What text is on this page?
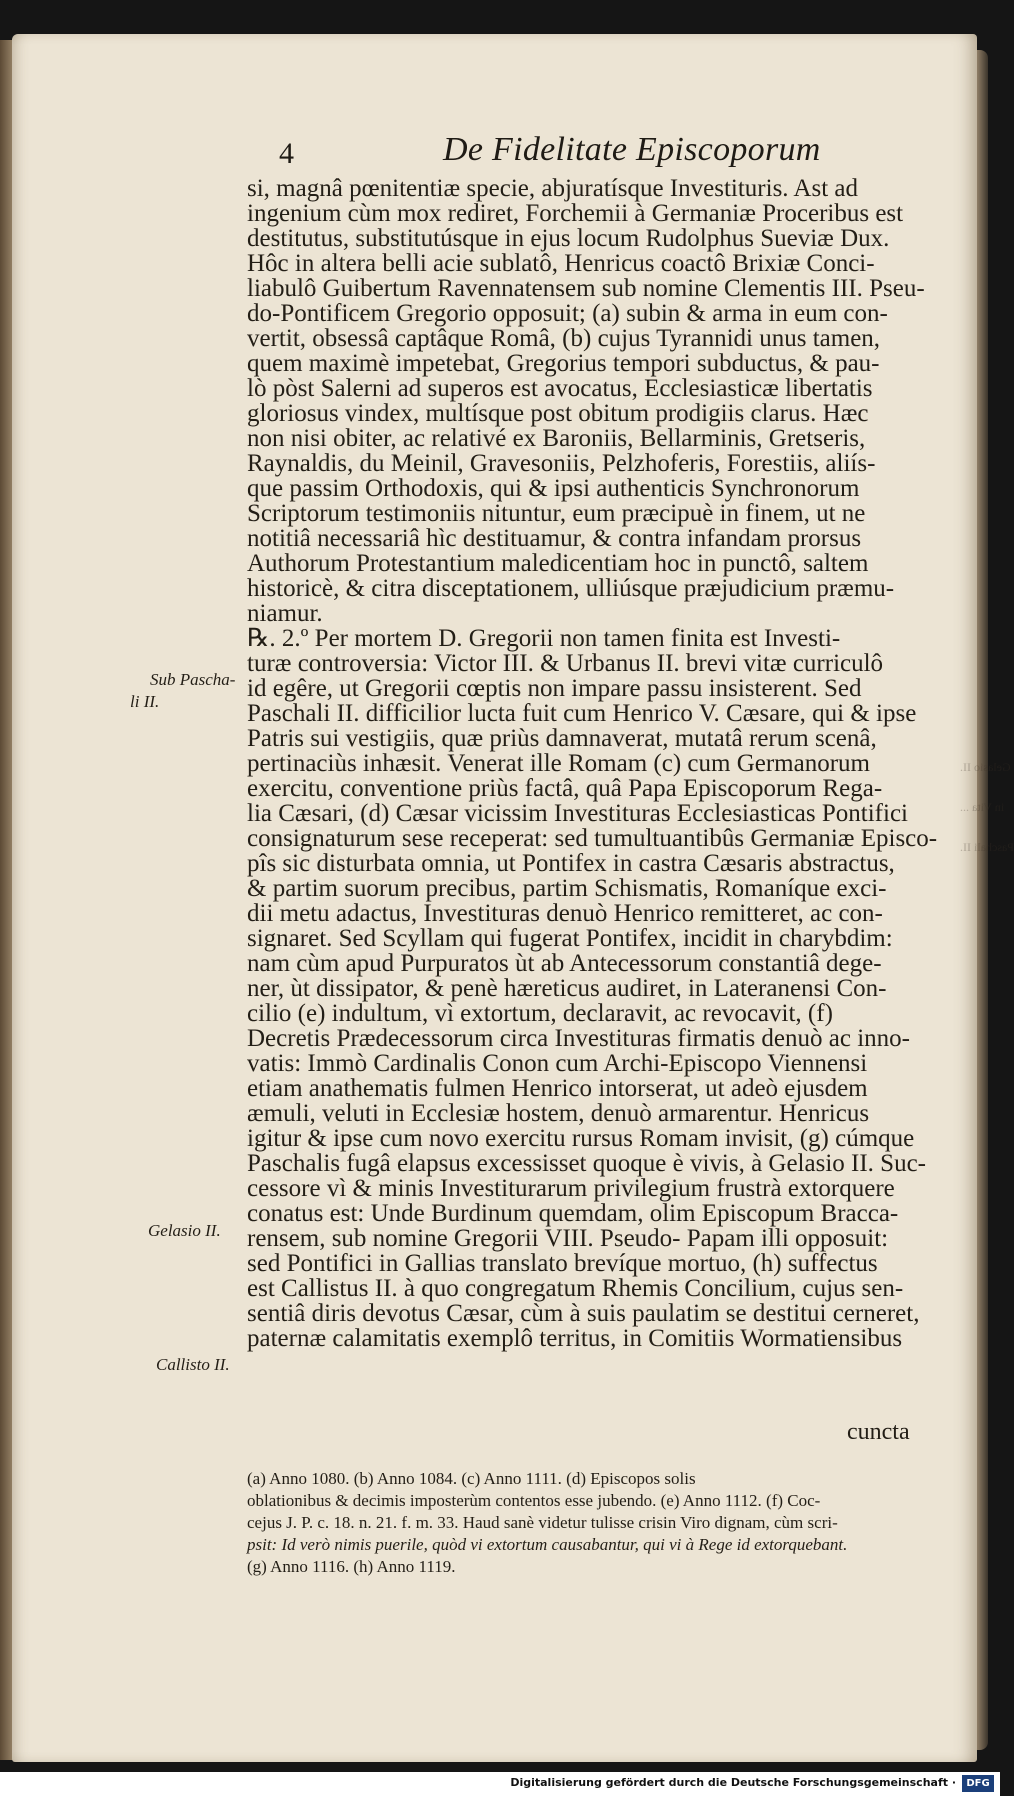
4	De Fidelitate Episcoporum
si, magnâ pœnitentiæ specie, abjuratísque Investituris. Ast ad
ingenium cùm mox rediret, Forchemii à Germaniæ Proceribus est
destitutus, substitutúsque in ejus locum Rudolphus Sueviæ Dux.
Hôc in altera belli acie sublatô, Henricus coactô Brixiæ Conci-
liabulô Guibertum Ravennatensem sub nomine Clementis III. Pseu-
do-Pontificem Gregorio opposuit; (a) subin & arma in eum con-
vertit, obsessâ captâque Româ, (b) cujus Tyrannidi unus tamen,
quem maximè impetebat, Gregorius tempori subductus, & pau-
lò pòst Salerni ad superos est avocatus, Ecclesiasticæ libertatis
gloriosus vindex, multísque post obitum prodigiis clarus. Hæc
non nisi obiter, ac relativé ex Baroniis, Bellarminis, Gretseris,
Raynaldis, du Meinil, Gravesoniis, Pelzhoferis, Forestiis, aliís-
que passim Orthodoxis, qui & ipsi authenticis Synchronorum
Scriptorum testimoniis nituntur, eum præcipuè in finem, ut ne
notitiâ necessariâ hìc destituamur, & contra infandam prorsus
Authorum Protestantium maledicentiam hoc in punctô, saltem
historicè, & citra disceptationem, ulliúsque præjudicium præmu-
niamur.
℞. 2.º Per mortem D. Gregorii non tamen finita est Investi-
turæ controversia: Victor III. & Urbanus II. brevi vitæ curriculô
id egêre, ut Gregorii cœptis non impare passu insisterent. Sed
Paschali II. difficilior lucta fuit cum Henrico V. Cæsare, qui & ipse
Patris sui vestigiis, quæ priùs damnaverat, mutatâ rerum scenâ,
pertinaciùs inhæsit. Venerat ille Romam (c) cum Germanorum
exercitu, conventione priùs factâ, quâ Papa Episcoporum Rega-
lia Cæsari, (d) Cæsar vicissim Investituras Ecclesiasticas Pontifici
consignaturum sese receperat: sed tumultuantibûs Germaniæ Episco-
pîs sic disturbata omnia, ut Pontifex in castra Cæsaris abstractus,
& partim suorum precibus, partim Schismatis, Romaníque exci-
dii metu adactus, Investituras denuò Henrico remitteret, ac con-
signaret. Sed Scyllam qui fugerat Pontifex, incidit in charybdim:
nam cùm apud Purpuratos ùt ab Antecessorum constantiâ dege-
ner, ùt dissipator, & penè hæreticus audiret, in Lateranensi Con-
cilio (e) indultum, vì extortum, declaravit, ac revocavit, (f)
Decretis Prædecessorum circa Investituras firmatis denuò ac inno-
vatis: Immò Cardinalis Conon cum Archi-Episcopo Viennensi
etiam anathematis fulmen Henrico intorserat, ut adeò ejusdem
æmuli, veluti in Ecclesiæ hostem, denuò armarentur. Henricus
igitur & ipse cum novo exercitu rursus Romam invisit, (g) cúmque
Paschalis fugâ elapsus excessisset quoque è vivis, à Gelasio II. Suc-
cessore vì & minis Investiturarum privilegium frustrà extorquere
conatus est: Unde Burdinum quemdam, olim Episcopum Bracca-
rensem, sub nomine Gregorii VIII. Pseudo- Papam illi opposuit:
sed Pontifici in Gallias translato brevíque mortuo, (h) suffectus
est Callistus II. à quo congregatum Rhemis Concilium, cujus sen-
sentiâ diris devotus Cæsar, cùm à suis paulatim se destitui cerneret,
paternæ calamitatis exemplô territus, in Comitiis Wormatiensibus
Sub Pascha-
li II.
Gelasio II.
Callisto II.
cuncta
(a) Anno 1080. (b) Anno 1084. (c) Anno 1111. (d) Episcopos solis
oblationibus & decimis imposterùm contentos esse jubendo. (e) Anno 1112. (f) Coc-
cejus J. P. c. 18. n. 21. f. m. 33. Haud sanè videtur tulisse crisin Viro dignam, cùm scri-
psit: Id verò nimis puerile, quòd vi extortum causabantur, qui vi à Rege id extorquebant.
(g) Anno 1116. (h) Anno 1119.
Gelasio II.
in Vita ...
Paschali II.
Digitalisierung gefördert durch die Deutsche Forschungsgemeinschaft ·	DFG
